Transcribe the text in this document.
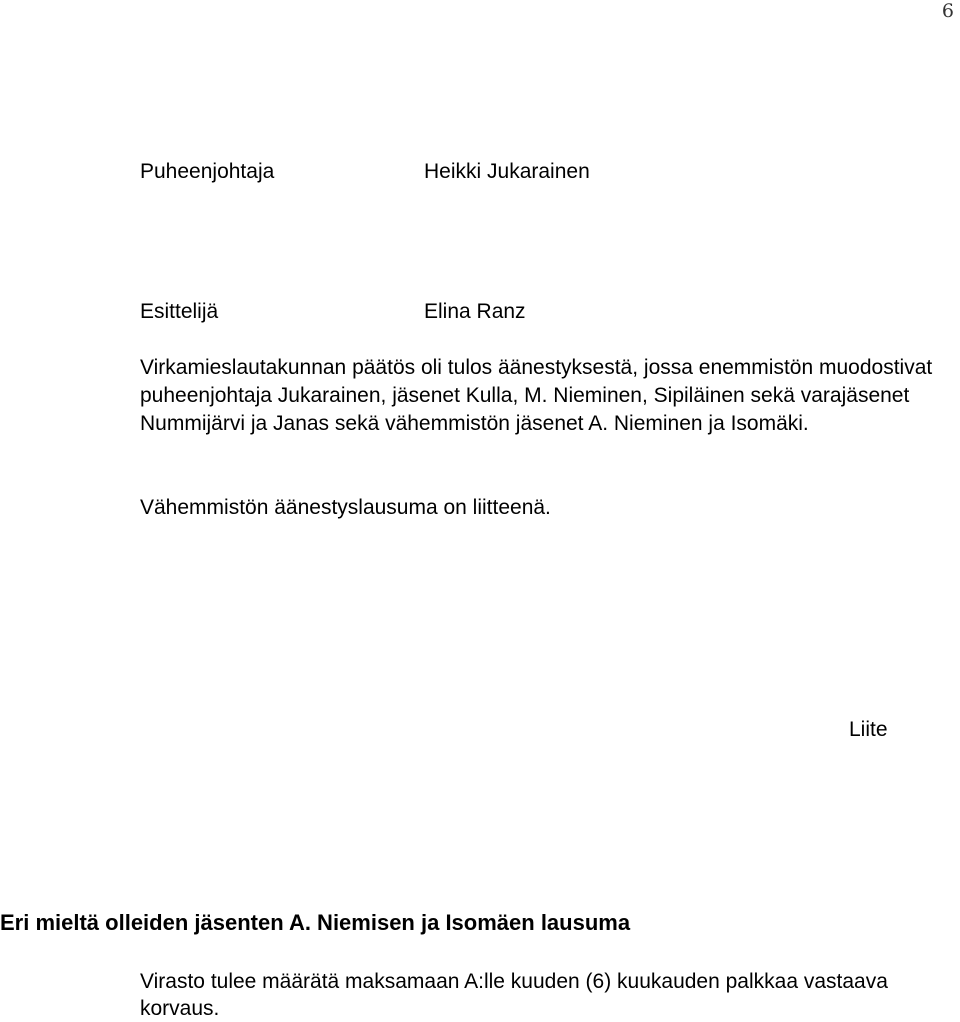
6
Puheenjohtaja	Heikki Jukarainen
Esittelijä	Elina Ranz
Virkamieslautakunnan päätös oli tulos äänestyksestä, jossa enemmistön muodostivat puheenjohtaja Jukarainen, jäsenet Kulla, M. Nieminen, Sipiläinen sekä varajäsenet Nummijärvi ja Janas sekä vähemmistön jäsenet A. Nieminen ja Isomäki.
Vähemmistön äänestyslausuma on liitteenä.
Liite
Eri mieltä olleiden jäsenten A. Niemisen ja Isomäen lausuma
Virasto tulee määrätä maksamaan A:lle kuuden (6) kuukauden palkkaa vastaava korvaus.
